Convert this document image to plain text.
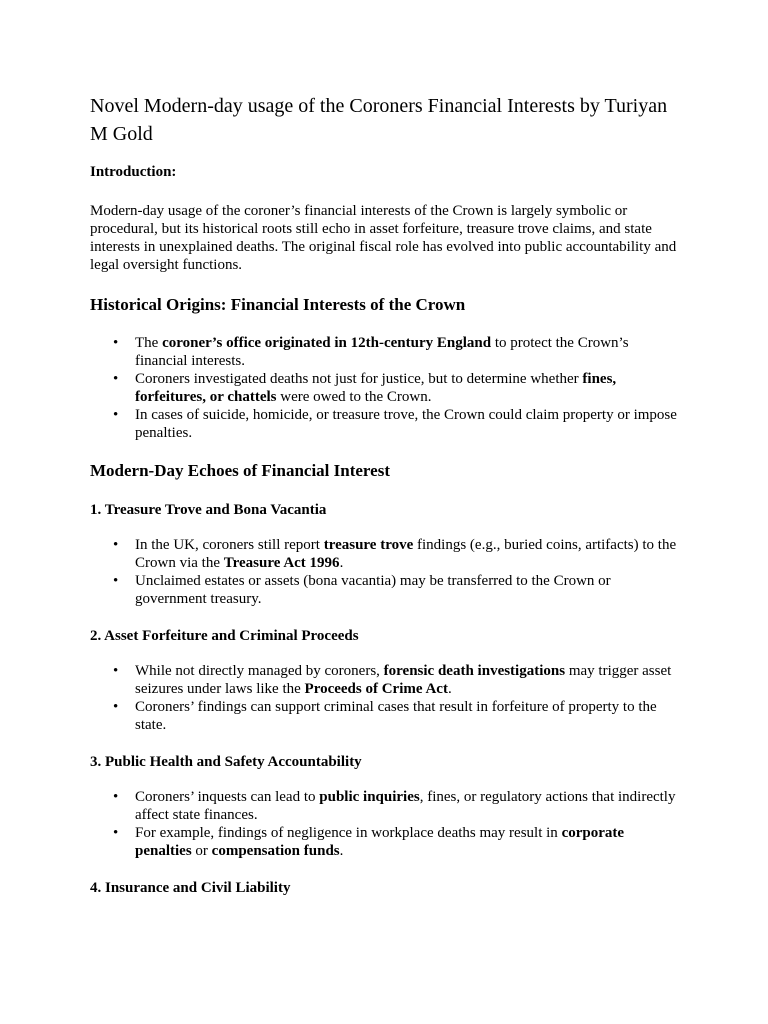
Novel Modern-day usage of the Coroners Financial Interests by Turiyan M Gold
Introduction:

Modern-day usage of the coroner’s financial interests of the Crown is largely symbolic or procedural, but its historical roots still echo in asset forfeiture, treasure trove claims, and state interests in unexplained deaths. The original fiscal role has evolved into public accountability and legal oversight functions.

Historical Origins: Financial Interests of the Crown
• The coroner’s office originated in 12th-century England to protect the Crown’s financial interests.
• Coroners investigated deaths not just for justice, but to determine whether fines, forfeitures, or chattels were owed to the Crown.
• In cases of suicide, homicide, or treasure trove, the Crown could claim property or impose penalties.
Modern-Day Echoes of Financial Interest
1. Treasure Trove and Bona Vacantia
• In the UK, coroners still report treasure trove findings (e.g., buried coins, artifacts) to the Crown via the Treasure Act 1996.
• Unclaimed estates or assets (bona vacantia) may be transferred to the Crown or government treasury.
2. Asset Forfeiture and Criminal Proceeds
• While not directly managed by coroners, forensic death investigations may trigger asset seizures under laws like the Proceeds of Crime Act.
• Coroners’ findings can support criminal cases that result in forfeiture of property to the state.
3. Public Health and Safety Accountability
• Coroners’ inquests can lead to public inquiries, fines, or regulatory actions that indirectly affect state finances.
• For example, findings of negligence in workplace deaths may result in corporate penalties or compensation funds.
4. Insurance and Civil Liability
